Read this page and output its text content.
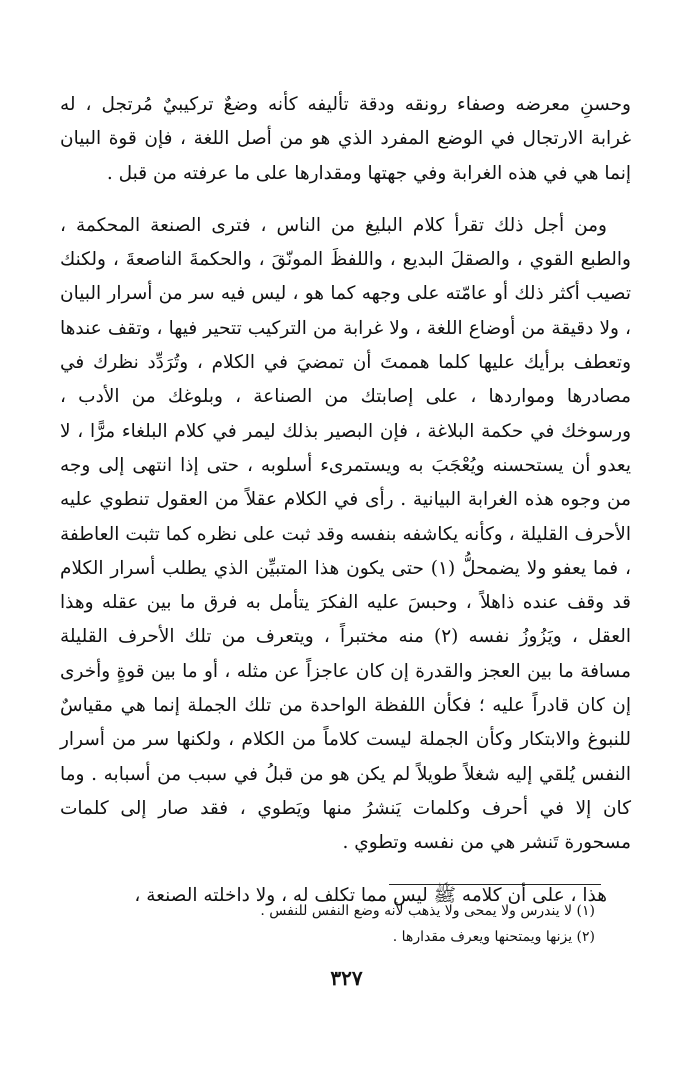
وحسنِ معرضه وصفاء رونقه ودقة تأليفه كأنه وضعٌ تركيبيٌ مُرتجل ، له غرابة الارتجال في الوضع المفرد الذي هو من أصل اللغة ، فإن قوة البيان إنما هي في هذه الغرابة وفي جهتها ومقدارها على ما عرفته من قبل .

ومن أجل ذلك تقرأ كلام البليغ من الناس ، فترى الصنعة المحكمة ، والطبع القوي ، والصقلَ البديع ، واللفظَ المونّقَ ، والحكمةَ الناصعةَ ، ولكنك تصيب أكثر ذلك أو عامّته على وجهه كما هو ، ليس فيه سر من أسرار البيان ، ولا دقيقة من أوضاع اللغة ، ولا غرابة من التركيب تتحير فيها ، وتقف عندها وتعطف برأيك عليها كلما هممتَ أن تمضيَ في الكلام ، وتُرَدِّد نظرك في مصادرها ومواردها ، على إصابتك من الصناعة ، وبلوغك من الأدب ، ورسوخك في حكمة البلاغة ، فإن البصير بذلك ليمر في كلام البلغاء مرًّا ، لا يعدو أن يستحسنه ويُعْجَبَ به ويستمرىء أسلوبه ، حتى إذا انتهى إلى وجه من وجوه هذه الغرابة البيانية . رأى في الكلام عقلاً من العقول تنطوي عليه الأحرف القليلة ، وكأنه يكاشفه بنفسه وقد ثبت على نظره كما تثبت العاطفة ، فما يعفو ولا يضمحلُّ (١) حتى يكون هذا المتبيِّن الذي يطلب أسرار الكلام قد وقف عنده ذاهلاً ، وحبسَ عليه الفكرَ يتأمل به فرق ما بين عقله وهذا العقل ، ويَزُوزُ نفسه (٢) منه مختبراً ، ويتعرف من تلك الأحرف القليلة مسافة ما بين العجز والقدرة إن كان عاجزاً عن مثله ، أو ما بين قوةٍ وأخرى إن كان قادراً عليه ؛ فكأن اللفظة الواحدة من تلك الجملة إنما هي مقياسٌ للنبوغ والابتكار وكأن الجملة ليست كلاماً من الكلام ، ولكنها سر من أسرار النفس يُلقي إليه شغلاً طويلاً لم يكن هو من قبلُ في سبب من أسبابه . وما كان إلا في أحرف وكلمات يَنشرُ منها ويَطوي ، فقد صار إلى كلمات مسحورة تَنشر هي من نفسه وتطوي .

هذا ، على أن كلامه ﷺ ليس مما تكلف له ، ولا داخلته الصنعة ،

(١) لا يندرس ولا يمحى ولا يذهب لأنه وضع النفس للنفس .

(٢) يزنها ويمتحنها ويعرف مقدارها .

٣٢٧
